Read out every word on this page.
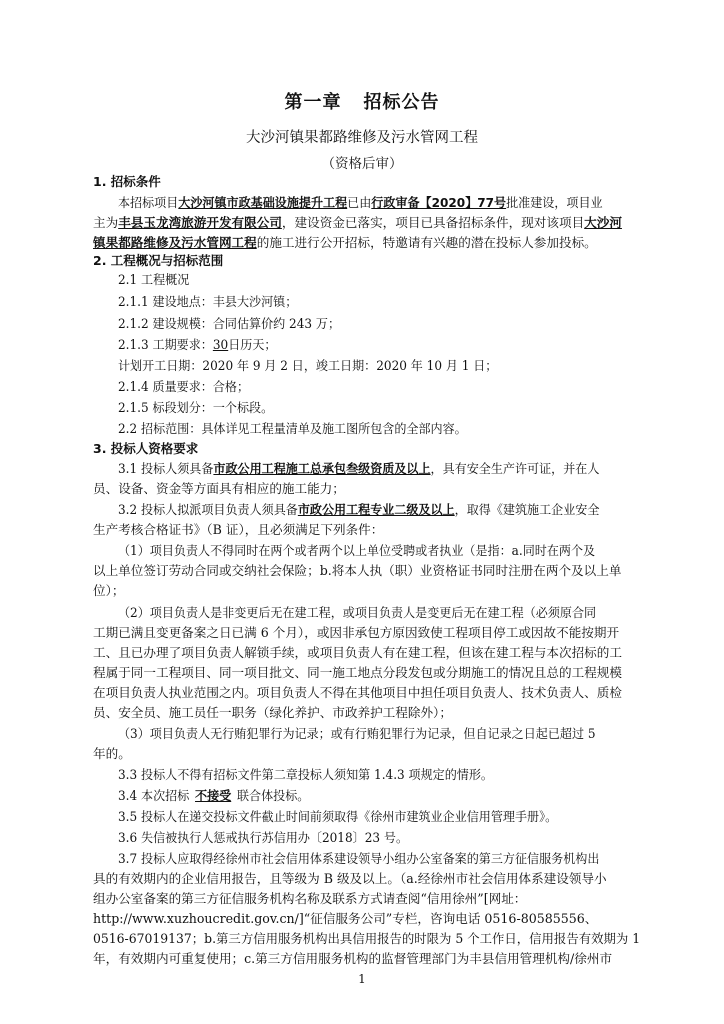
第一章 招标公告
大沙河镇果都路维修及污水管网工程
（资格后审）
1. 招标条件
本招标项目大沙河镇市政基础设施提升工程已由行政审备【2020】77号批准建设，项目业
主为丰县玉龙湾旅游开发有限公司，建设资金已落实，项目已具备招标条件，现对该项目大沙河
镇果都路维修及污水管网工程的施工进行公开招标，特邀请有兴趣的潜在投标人参加投标。
2. 工程概况与招标范围
2.1 工程概况
2.1.1 建设地点：丰县大沙河镇；
2.1.2 建设规模：合同估算价约 243 万；
2.1.3 工期要求：30日历天；
计划开工日期：2020 年 9 月 2 日，竣工日期：2020 年 10 月 1 日；
2.1.4 质量要求：合格；
2.1.5 标段划分：一个标段。
2.2 招标范围：具体详见工程量清单及施工图所包含的全部内容。
3. 投标人资格要求
3.1 投标人须具备市政公用工程施工总承包叁级资质及以上，具有安全生产许可证，并在人
员、设备、资金等方面具有相应的施工能力；
3.2 投标人拟派项目负责人须具备市政公用工程专业二级及以上，取得《建筑施工企业安全
生产考核合格证书》（B 证），且必须满足下列条件：
（1）项目负责人不得同时在两个或者两个以上单位受聘或者执业（是指：a.同时在两个及
以上单位签订劳动合同或交纳社会保险；b.将本人执（职）业资格证书同时注册在两个及以上单
位）；
（2）项目负责人是非变更后无在建工程，或项目负责人是变更后无在建工程（必须原合同
工期已满且变更备案之日已满 6 个月），或因非承包方原因致使工程项目停工或因故不能按期开
工、且已办理了项目负责人解锁手续，或项目负责人有在建工程，但该在建工程与本次招标的工
程属于同一工程项目、同一项目批文、同一施工地点分段发包或分期施工的情况且总的工程规模
在项目负责人执业范围之内。项目负责人不得在其他项目中担任项目负责人、技术负责人、质检
员、安全员、施工员任一职务（绿化养护、市政养护工程除外）；
（3）项目负责人无行贿犯罪行为记录；或有行贿犯罪行为记录，但自记录之日起已超过 5
年的。
3.3 投标人不得有招标文件第二章投标人须知第 1.4.3 项规定的情形。
3.4 本次招标 不接受 联合体投标。
3.5 投标人在递交投标文件截止时间前须取得《徐州市建筑业企业信用管理手册》。
3.6 失信被执行人惩戒执行苏信用办〔2018〕23 号。
3.7 投标人应取得经徐州市社会信用体系建设领导小组办公室备案的第三方征信服务机构出
具的有效期内的企业信用报告，且等级为 B 级及以上。（a.经徐州市社会信用体系建设领导小
组办公室备案的第三方征信服务机构名称及联系方式请查阅“信用徐州”[网址：
http://www.xuzhoucredit.gov.cn/]“征信服务公司”专栏，咨询电话 0516-80585556、
0516-67019137；b.第三方信用服务机构出具信用报告的时限为 5 个工作日，信用报告有效期为 1
年，有效期内可重复使用；c.第三方信用服务机构的监督管理部门为丰县信用管理机构/徐州市
1
